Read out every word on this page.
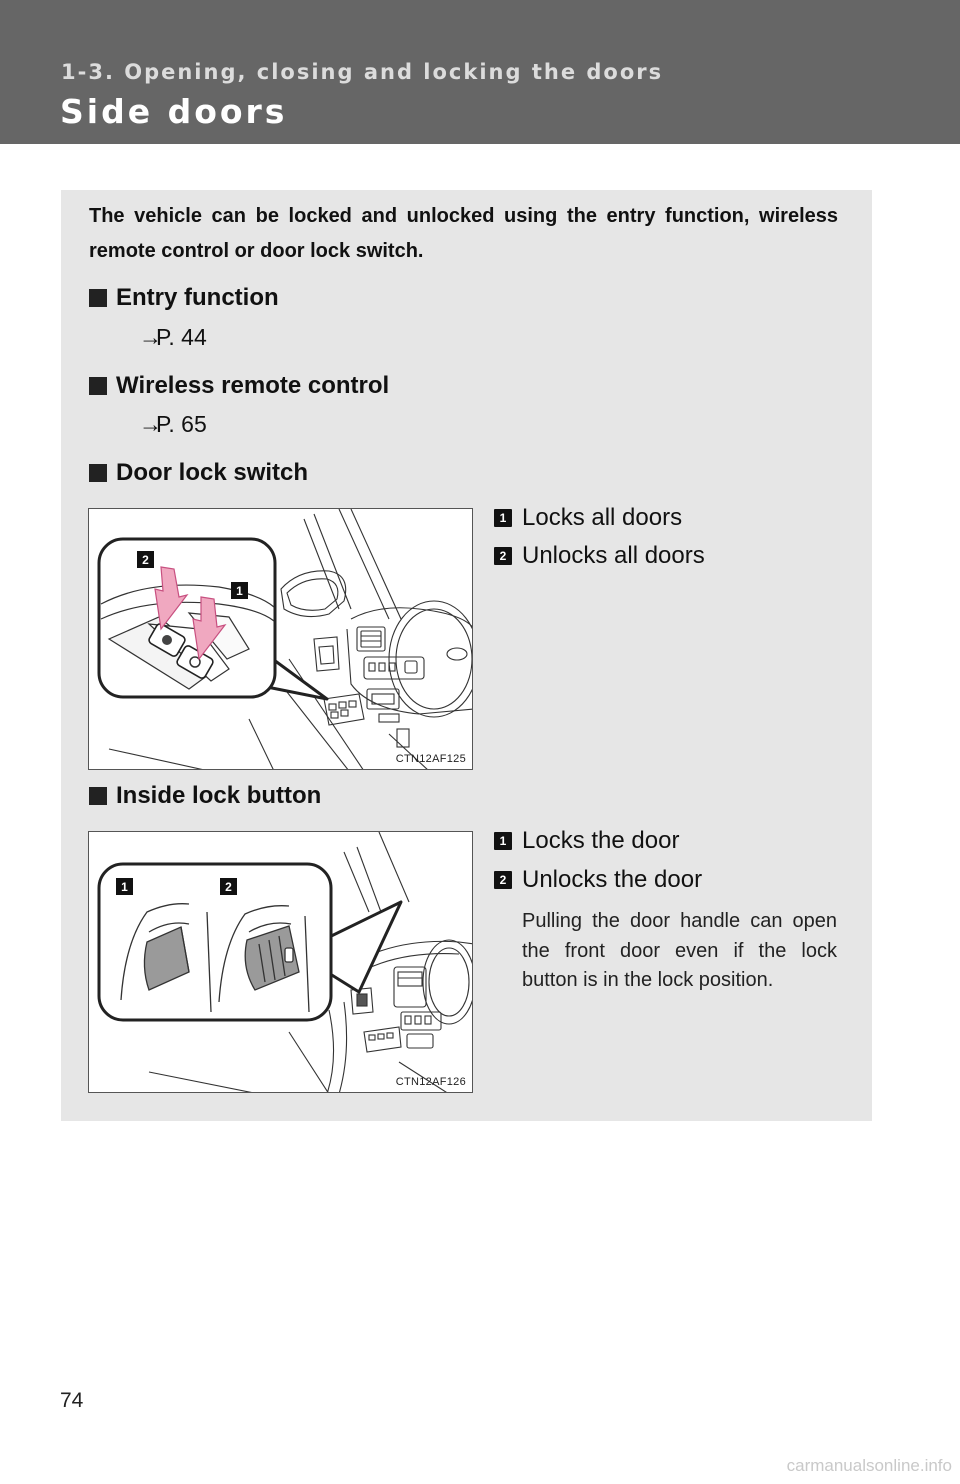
1-3. Opening, closing and locking the doors
Side doors
The vehicle can be locked and unlocked using the entry function, wireless remote control or door lock switch.
Entry function
→P. 44
Wireless remote control
→P. 65
Door lock switch
2
1
CTN12AF125
1 Locks all doors
2 Unlocks all doors
Inside lock button
1	2
CTN12AF126
1 Locks the door
2 Unlocks the door
Pulling the door handle can open the front door even if the lock button is in the lock position.
74
carmanualsonline.info
